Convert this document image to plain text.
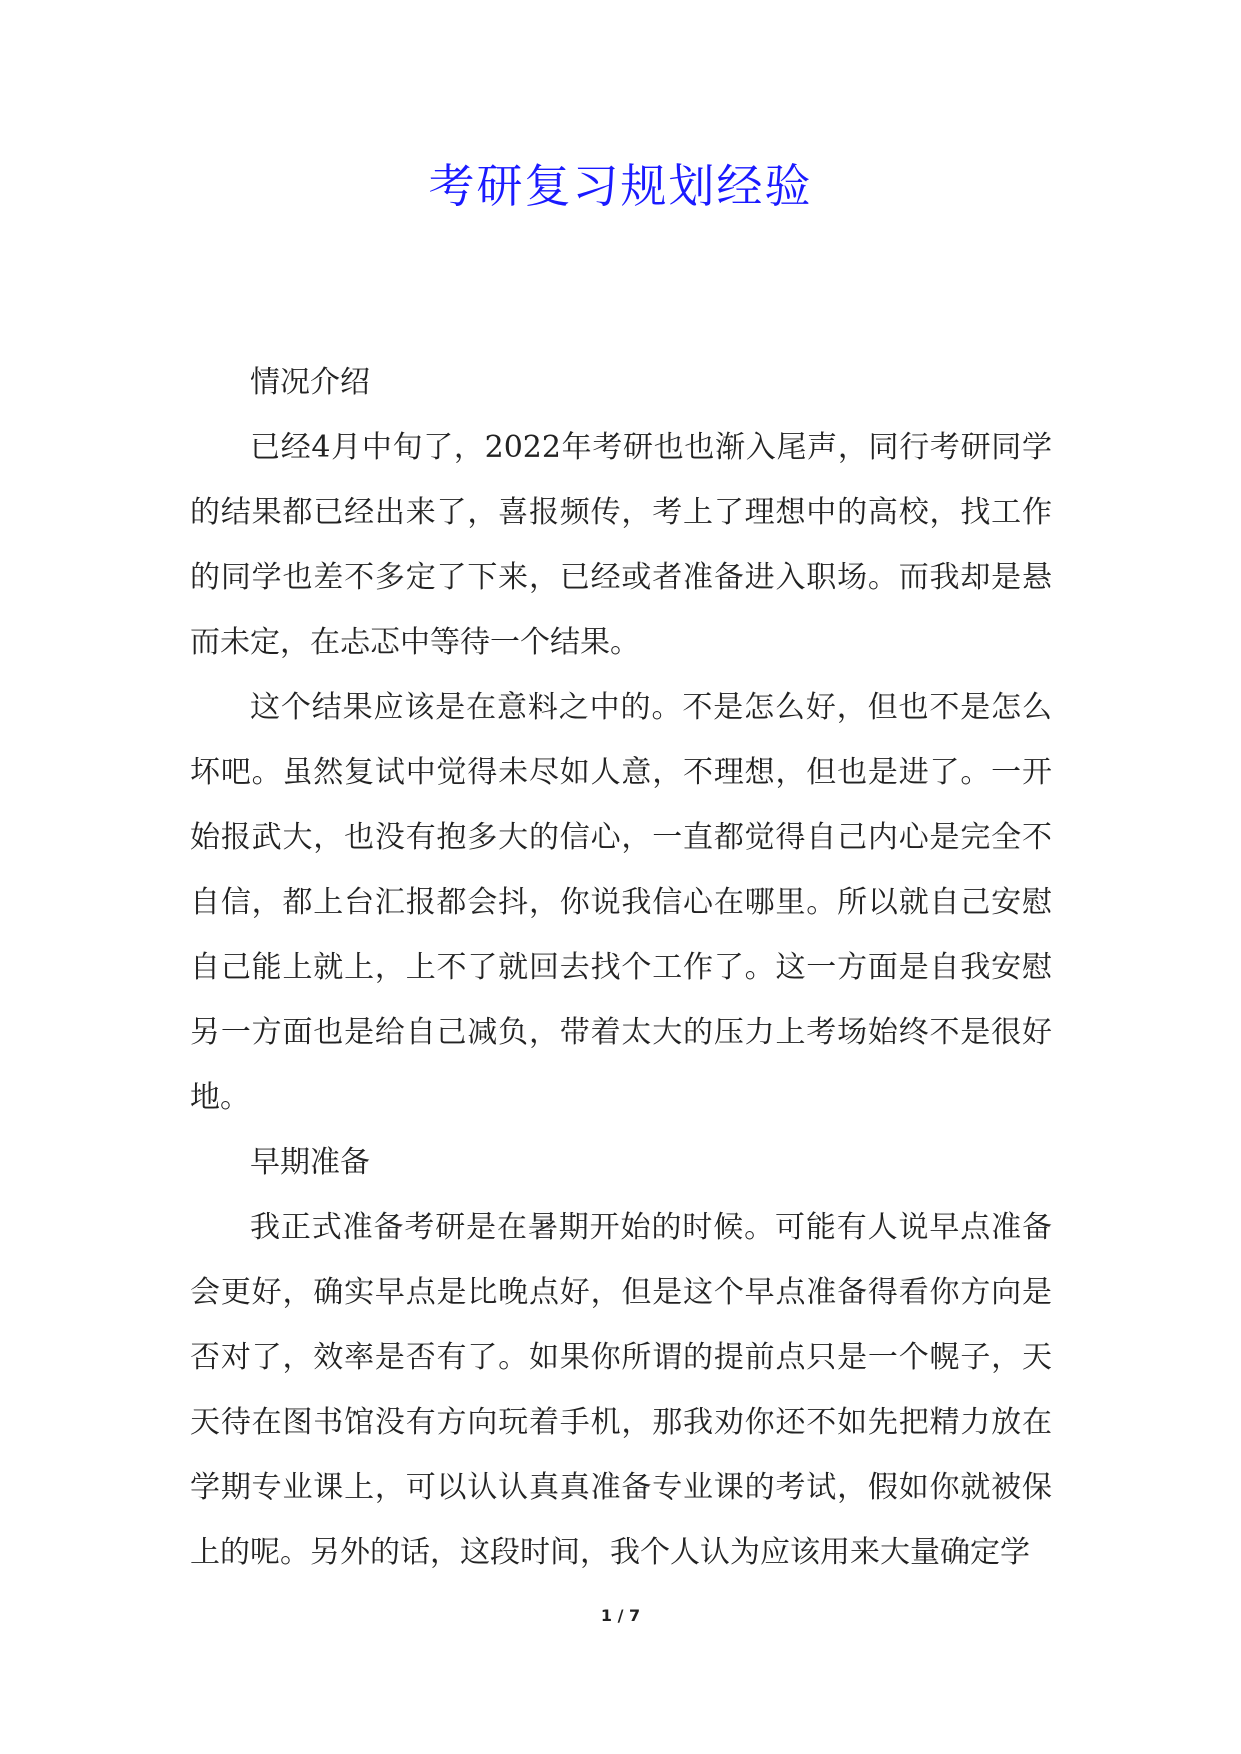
考研复习规划经验

情况介绍

已经4月中旬了，2022年考研也也渐入尾声，同行考研同学的结果都已经出来了，喜报频传，考上了理想中的高校，找工作的同学也差不多定了下来，已经或者准备进入职场。而我却是悬而未定，在忐忑中等待一个结果。

这个结果应该是在意料之中的。不是怎么好，但也不是怎么坏吧。虽然复试中觉得未尽如人意，不理想，但也是进了。一开始报武大，也没有抱多大的信心，一直都觉得自己内心是完全不自信，都上台汇报都会抖，你说我信心在哪里。所以就自己安慰自己能上就上，上不了就回去找个工作了。这一方面是自我安慰另一方面也是给自己减负，带着太大的压力上考场始终不是很好地。

早期准备

我正式准备考研是在暑期开始的时候。可能有人说早点准备会更好，确实早点是比晚点好，但是这个早点准备得看你方向是否对了，效率是否有了。如果你所谓的提前点只是一个幌子，天天待在图书馆没有方向玩着手机，那我劝你还不如先把精力放在学期专业课上，可以认认真真准备专业课的考试，假如你就被保上的呢。另外的话，这段时间，我个人认为应该用来大量确定学

1 / 7
